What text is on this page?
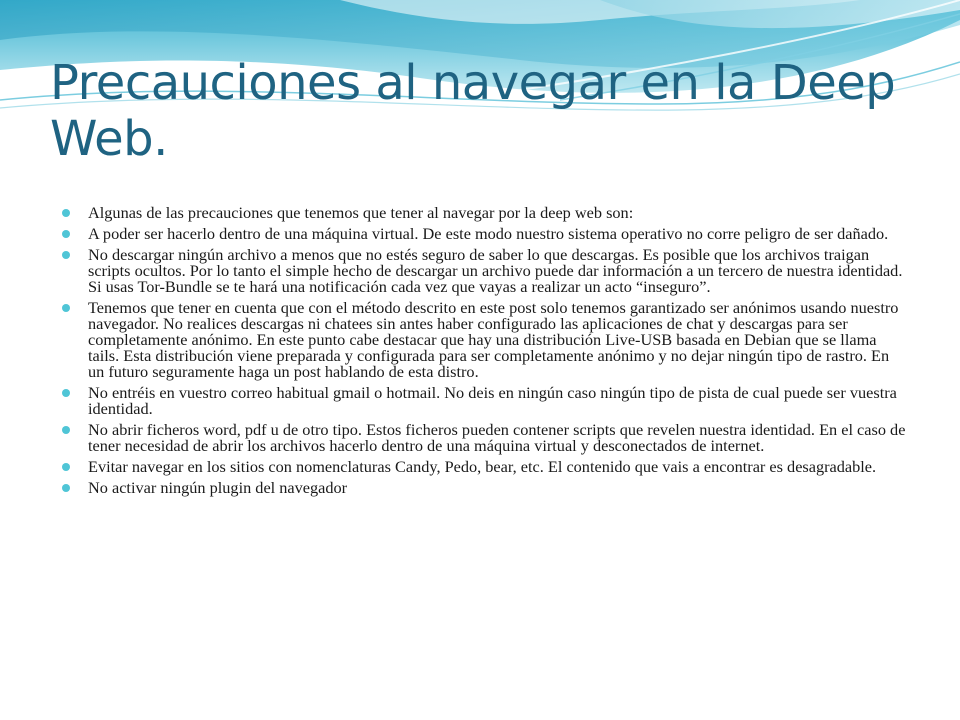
Precauciones al navegar en la Deep Web.
Algunas de las precauciones que tenemos que tener al navegar por la deep web son:
A poder ser hacerlo dentro de una máquina virtual. De este modo nuestro sistema operativo no corre peligro de ser dañado.
No descargar ningún archivo a menos que no estés seguro de saber lo que descargas. Es posible que los archivos traigan scripts ocultos. Por lo tanto el simple hecho de descargar un archivo puede dar información a un tercero de nuestra identidad. Si usas Tor-Bundle se te hará una notificación cada vez que vayas a realizar un acto “inseguro”.
Tenemos que tener en cuenta que con el método descrito en este post solo tenemos garantizado ser anónimos usando nuestro navegador. No realices descargas ni chatees sin antes haber configurado las aplicaciones de chat y descargas para ser completamente anónimo. En este punto cabe destacar que hay una distribución Live-USB basada en Debian que se llama tails. Esta distribución viene preparada y configurada para ser completamente anónimo y no dejar ningún tipo de rastro. En un futuro seguramente haga un post hablando de esta distro.
No entréis en vuestro correo habitual gmail o hotmail. No deis en ningún caso ningún tipo de pista de cual puede ser vuestra identidad.
No abrir ficheros word, pdf u de otro tipo. Estos ficheros pueden contener scripts que revelen nuestra identidad. En el caso de tener necesidad de abrir los archivos hacerlo dentro de una máquina virtual y desconectados de internet.
Evitar navegar en los sitios con nomenclaturas Candy, Pedo, bear, etc. El contenido que vais a encontrar es desagradable.
No activar ningún plugin del navegador
